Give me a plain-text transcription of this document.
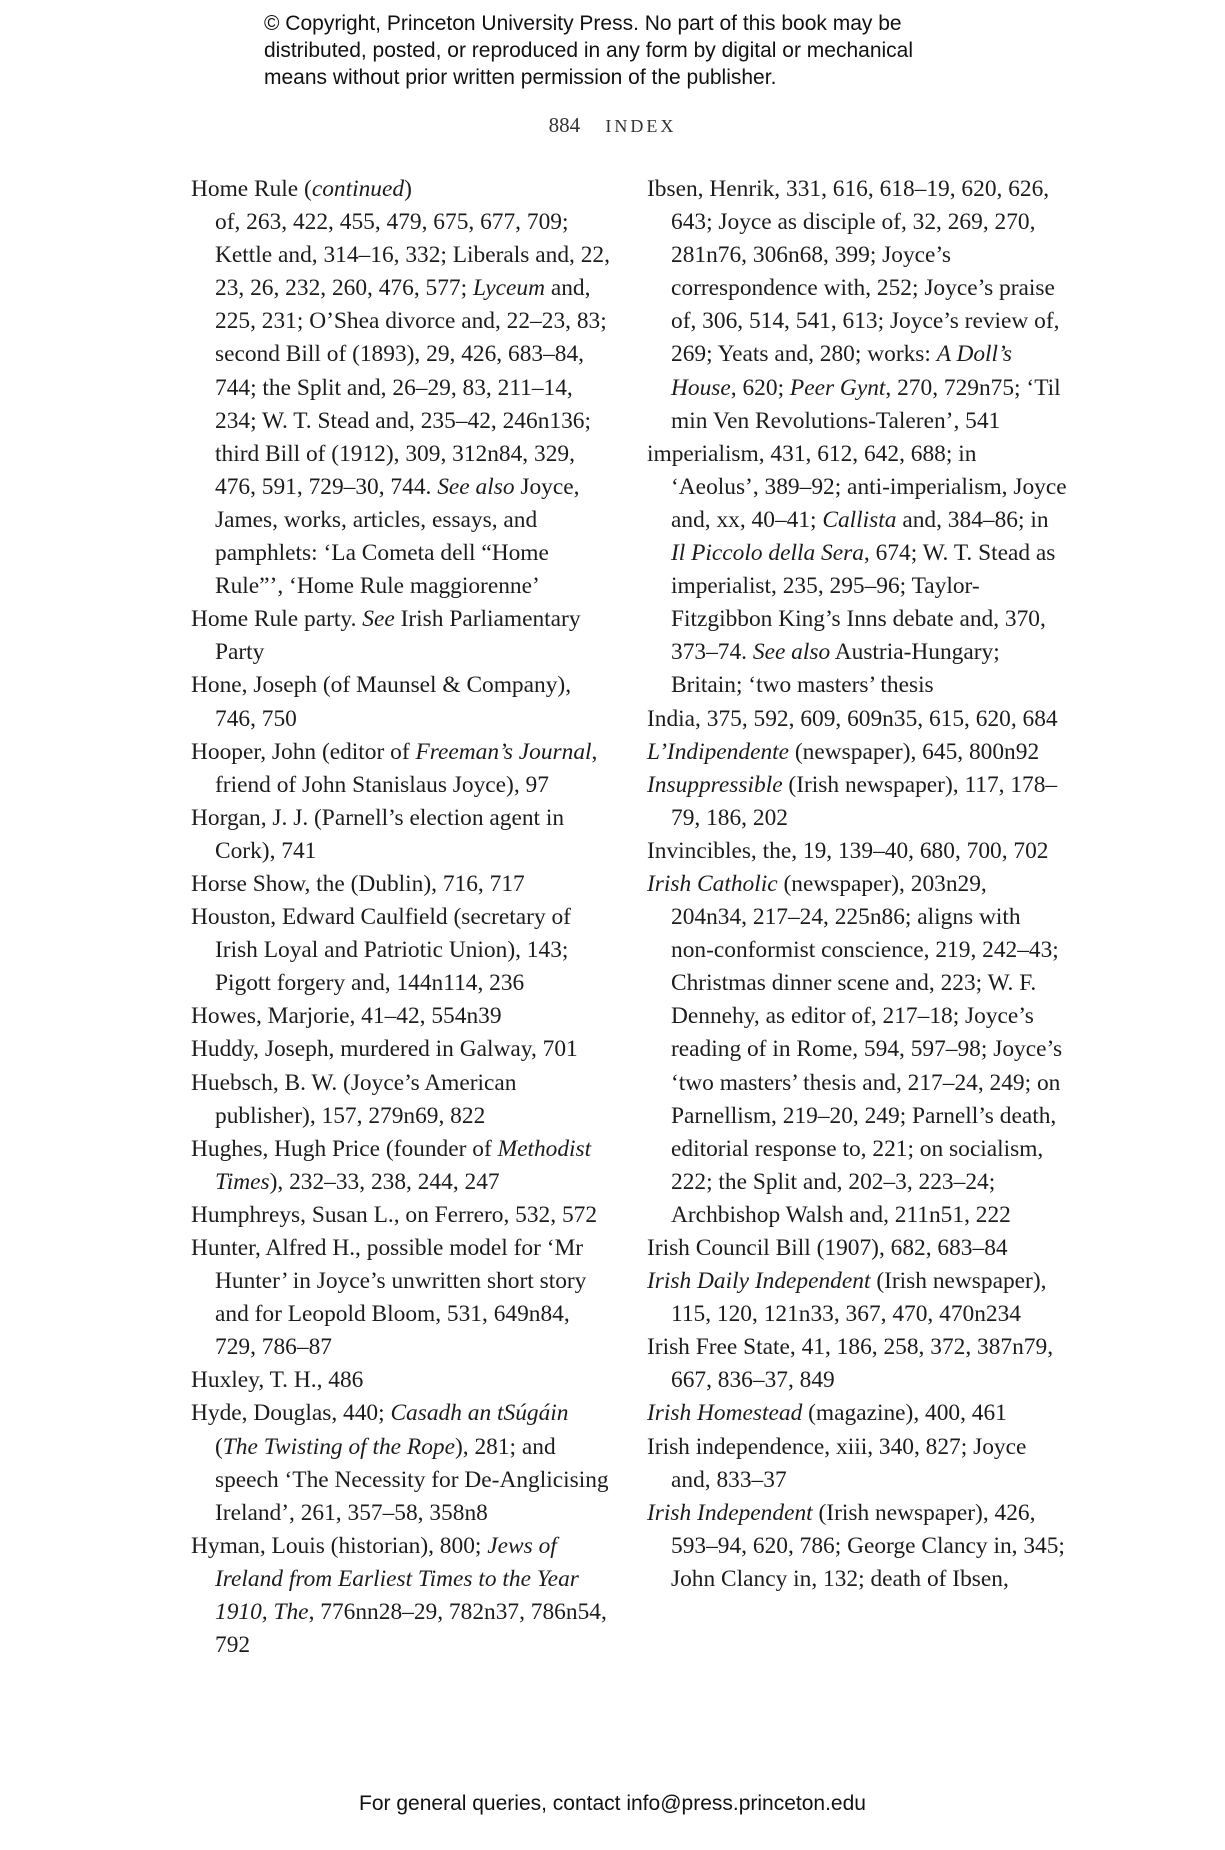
© Copyright, Princeton University Press. No part of this book may be
distributed, posted, or reproduced in any form by digital or mechanical
means without prior written permission of the publisher.
884 INDEX

Home Rule (continued)

of, 263, 422, 455, 479, 675, 677, 709; Kettle and, 314–16, 332; Liberals and, 22, 23, 26, 232, 260, 476, 577; Lyceum and, 225, 231; O’Shea divorce and, 22–23, 83; second Bill of (1893), 29, 426, 683–84, 744; the Split and, 26–29, 83, 211–14, 234; W. T. Stead and, 235–42, 246n136; third Bill of (1912), 309, 312n84, 329, 476, 591, 729–30, 744. See also Joyce, James, works, articles, essays, and pamphlets: ‘La Cometa dell “Home Rule”’, ‘Home Rule maggiorenne’

Home Rule party. See Irish Parliamentary Party

Hone, Joseph (of Maunsel & Company), 746, 750

Hooper, John (editor of Freeman’s Journal, friend of John Stanislaus Joyce), 97

Horgan, J. J. (Parnell’s election agent in Cork), 741

Horse Show, the (Dublin), 716, 717

Houston, Edward Caulfield (secretary of Irish Loyal and Patriotic Union), 143; Pigott forgery and, 144n114, 236

Howes, Marjorie, 41–42, 554n39

Huddy, Joseph, murdered in Galway, 701

Huebsch, B. W. (Joyce’s American publisher), 157, 279n69, 822

Hughes, Hugh Price (founder of Methodist Times), 232–33, 238, 244, 247

Humphreys, Susan L., on Ferrero, 532, 572

Hunter, Alfred H., possible model for ‘Mr Hunter’ in Joyce’s unwritten short story and for Leopold Bloom, 531, 649n84, 729, 786–87

Huxley, T. H., 486

Hyde, Douglas, 440; Casadh an tSúgáin (The Twisting of the Rope), 281; and speech ‘The Necessity for De-Anglicising Ireland’, 261, 357–58, 358n8

Hyman, Louis (historian), 800; Jews of Ireland from Earliest Times to the Year 1910, The, 776nn28–29, 782n37, 786n54, 792

Ibsen, Henrik, 331, 616, 618–19, 620, 626, 643; Joyce as disciple of, 32, 269, 270, 281n76, 306n68, 399; Joyce’s correspondence with, 252; Joyce’s praise of, 306, 514, 541, 613; Joyce’s review of, 269; Yeats and, 280; works: A Doll’s House, 620; Peer Gynt, 270, 729n75; ‘Til min Ven Revolutions-Taleren’, 541

imperialism, 431, 612, 642, 688; in ‘Aeolus’, 389–92; anti-imperialism, Joyce and, xx, 40–41; Callista and, 384–86; in Il Piccolo della Sera, 674; W. T. Stead as imperialist, 235, 295–96; Taylor-Fitzgibbon King’s Inns debate and, 370, 373–74. See also Austria-Hungary; Britain; ‘two masters’ thesis

India, 375, 592, 609, 609n35, 615, 620, 684

L’Indipendente (newspaper), 645, 800n92

Insuppressible (Irish newspaper), 117, 178–79, 186, 202

Invincibles, the, 19, 139–40, 680, 700, 702

Irish Catholic (newspaper), 203n29, 204n34, 217–24, 225n86; aligns with non-conformist conscience, 219, 242–43; Christmas dinner scene and, 223; W. F. Dennehy, as editor of, 217–18; Joyce’s reading of in Rome, 594, 597–98; Joyce’s ‘two masters’ thesis and, 217–24, 249; on Parnellism, 219–20, 249; Parnell’s death, editorial response to, 221; on socialism, 222; the Split and, 202–3, 223–24; Archbishop Walsh and, 211n51, 222

Irish Council Bill (1907), 682, 683–84

Irish Daily Independent (Irish newspaper), 115, 120, 121n33, 367, 470, 470n234

Irish Free State, 41, 186, 258, 372, 387n79, 667, 836–37, 849

Irish Homestead (magazine), 400, 461

Irish independence, xiii, 340, 827; Joyce and, 833–37

Irish Independent (Irish newspaper), 426, 593–94, 620, 786; George Clancy in, 345; John Clancy in, 132; death of Ibsen,

For general queries, contact info@press.princeton.edu
